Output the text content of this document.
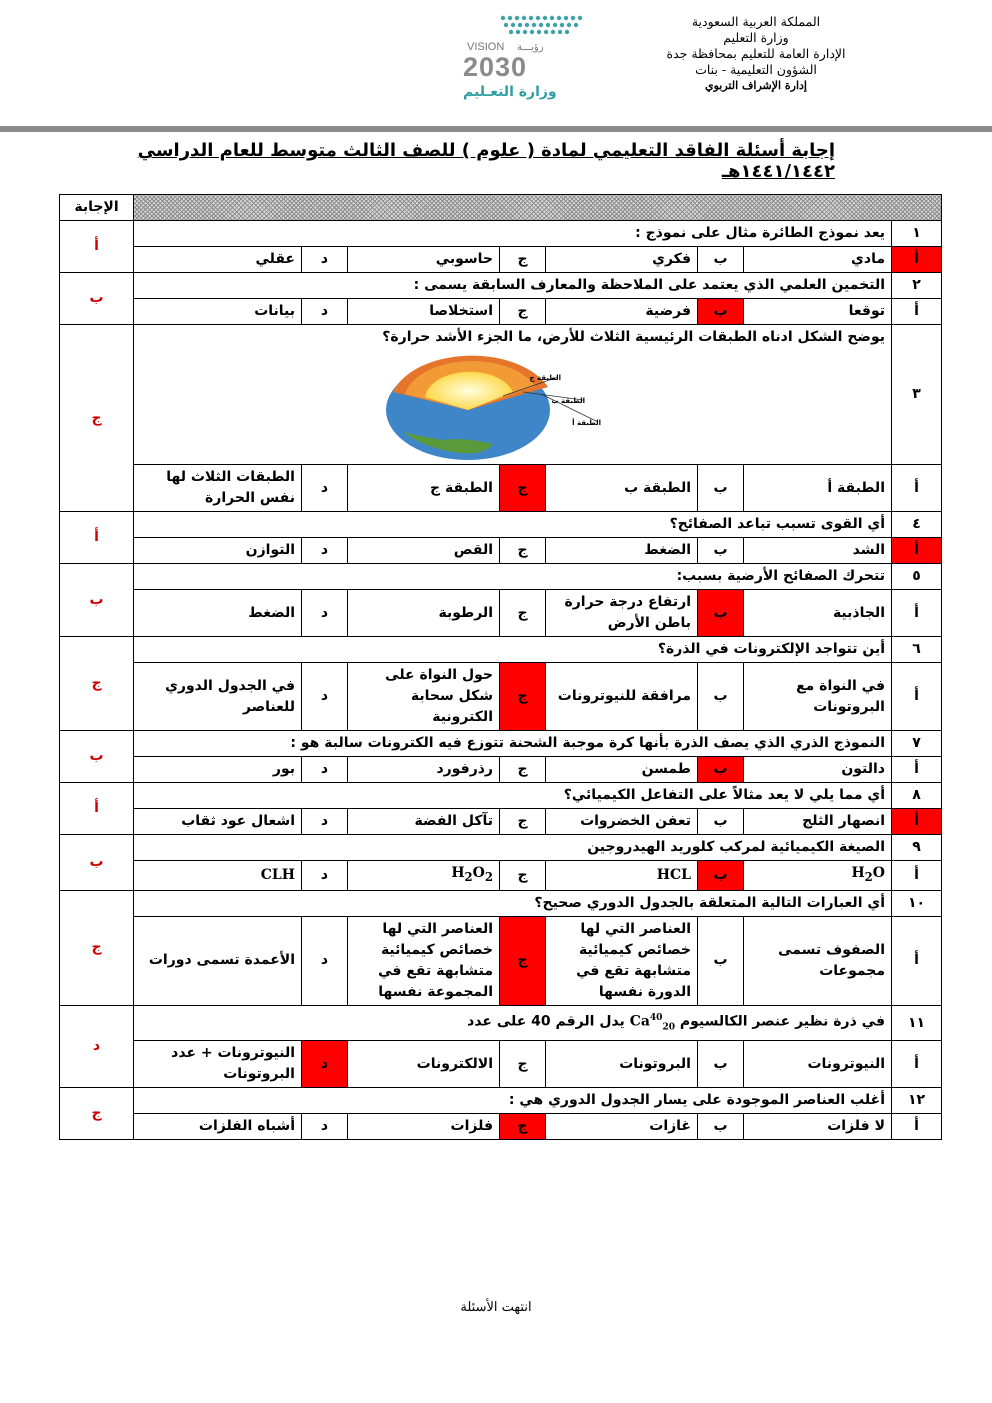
المملكة العربية السعودية
وزارة التعليم
الإدارة العامة للتعليم بمحافظة جدة
الشؤون التعليمية - بنات
إدارة الإشراف التربوي
VISION رؤيـــة
2030
وزارة التعـليم
إجابة أسئلة الفاقد التعليمي لمادة ( علوم ) للصف الثالث متوسط للعام الدراسي ١٤٤١/١٤٤٢هـ
								الإجابة
١	يعد نموذج الطائرة مثال على نموذج :							أ
أ	مادي	ب	فكري	ج	حاسوبي	د	عقلي	
٢	التخمين العلمي الذي يعتمد على الملاحظة والمعارف السابقة يسمى :							ب
أ	توقعا	ب	فرضية	ج	استخلاصا	د	بيانات	
٣	يوضح الشكل ادناه الطبقات الرئيسية الثلاث للأرض، ما الجزء الأشد حرارة؟
الطبقة ج
الطبقة ب
الطبقة أ							ج
أ	الطبقة أ	ب	الطبقة ب	ج	الطبقة ج	د	الطبقات الثلاث لها نفس الحرارة	
٤	أي القوى تسبب تباعد الصفائح؟							أ
أ	الشد	ب	الضغط	ج	القص	د	التوازن	
٥	تتحرك الصفائح الأرضية بسبب:							ب
أ	الجاذبية	ب	ارتفاع درجة حرارة باطن الأرض	ج	الرطوبة	د	الضغط	
٦	أين تتواجد الإلكترونات في الذرة؟							ج
أ	في النواة مع البروتونات	ب	مرافقة للنيوترونات	ج	حول النواة على شكل سحابة الكترونية	د	في الجدول الدوري للعناصر	
٧	النموذج الذري الذي يصف الذرة بأنها كرة موجبة الشحنة تتوزع فيه الكترونات سالبة هو :							ب
أ	دالتون	ب	طمسن	ج	رذرفورد	د	بور	
٨	أي مما يلي لا يعد مثالاً على التفاعل الكيميائي؟							أ
أ	انصهار الثلج	ب	تعفن الخضروات	ج	تآكل الفضة	د	اشعال عود ثقاب	
٩	الصيغة الكيميائية لمركب كلوريد الهيدروجين							ب
أ	$H_2O$	ب	HCL	ج	$H_2O_2$	د	CLH	
١٠	أي العبارات التالية المتعلقة بالجدول الدوري صحيح؟							ج
أ	الصفوف تسمى مجموعات	ب	العناصر التي لها خصائص كيميائية متشابهة تقع في الدورة نفسها	ج	العناصر التي لها خصائص كيميائية متشابهة تقع في المجموعة نفسها	د	الأعمدة تسمى دورات	
١١	في ذرة نظير عنصر الكالسيوم $Ca^{40}_{20}$ يدل الرقم 40 على عدد							د
أ	النيوترونات	ب	البروتونات	ج	الالكترونات	د	النيوترونات + عدد البروتونات	
١٢	أغلب العناصر الموجودة على يسار الجدول الدوري هي :							ج
أ	لا فلزات	ب	غازات	ج	فلزات	د	أشباه الفلزات	
انتهت الأسئلة
